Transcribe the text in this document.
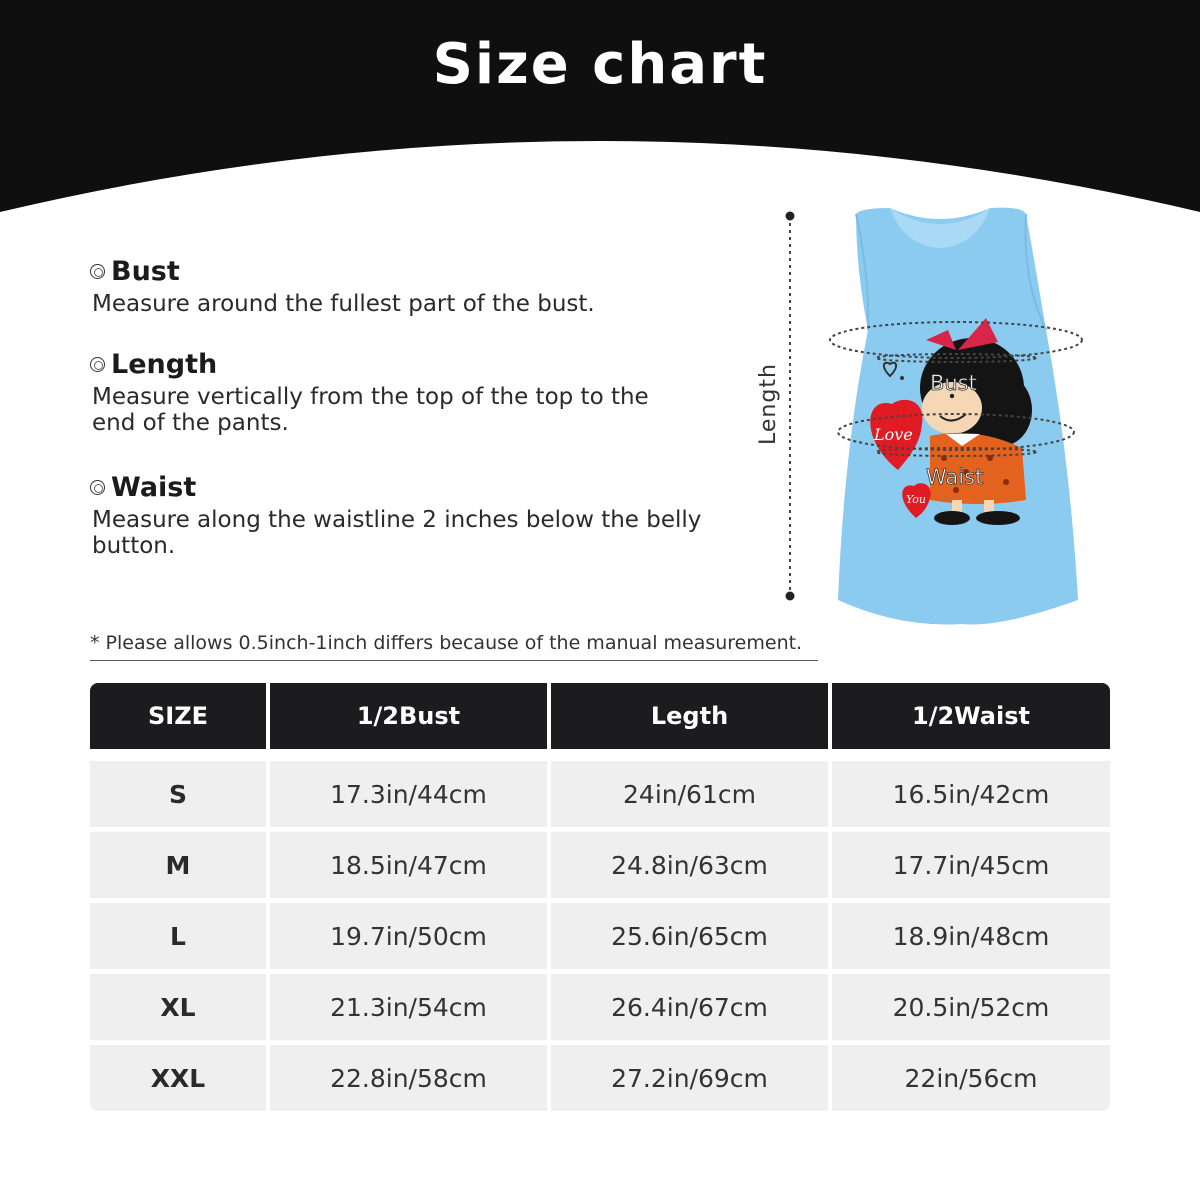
Size chart
Bust
Measure around the fullest part of the bust.
Length
Measure vertically from the top of the top to the end of the pants.
Waist
Measure along the waistline 2 inches below the belly button.
* Please allows 0.5inch-1inch differs because of the manual measurement.
Length	Love
You
Bust
Waist
SIZE	1/2Bust	Legth	1/2Waist
S	17.3in/44cm	24in/61cm	16.5in/42cm
M	18.5in/47cm	24.8in/63cm	17.7in/45cm
L	19.7in/50cm	25.6in/65cm	18.9in/48cm
XL	21.3in/54cm	26.4in/67cm	20.5in/52cm
XXL	22.8in/58cm	27.2in/69cm	22in/56cm
